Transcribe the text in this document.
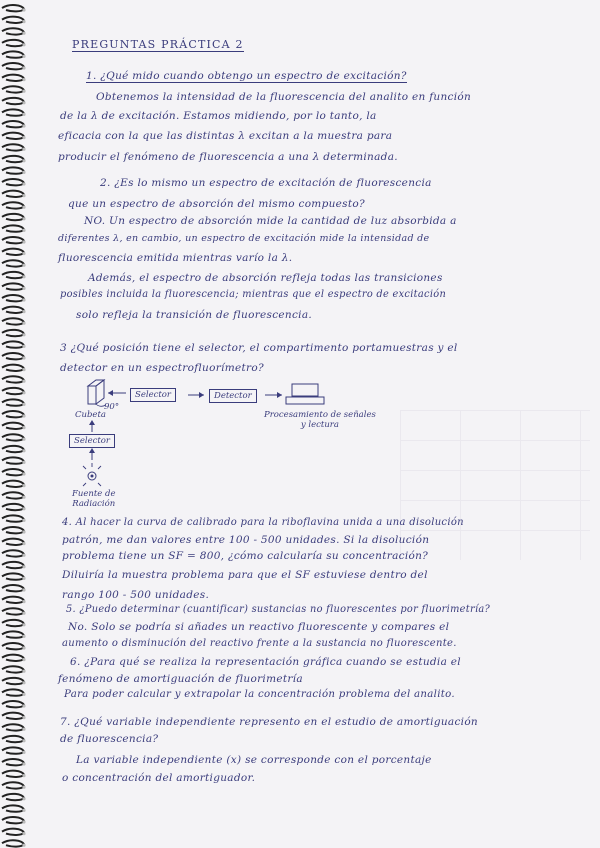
PREGUNTAS PRÁCTICA 2
1. ¿Qué mido cuando obtengo un espectro de excitación?
Obtenemos la intensidad de la fluorescencia del analito en función
de la λ de excitación. Estamos midiendo, por lo tanto, la
eficacia con la que las distintas λ excitan a la muestra para
producir el fenómeno de fluorescencia a una λ determinada.
2. ¿Es lo mismo un espectro de excitación de fluorescencia
que un espectro de absorción del mismo compuesto?
NO. Un espectro de absorción mide la cantidad de luz absorbida a
diferentes λ, en cambio, un espectro de excitación mide la intensidad de
fluorescencia emitida mientras varío la λ.
Además, el espectro de absorción refleja todas las transiciones
posibles incluida la fluorescencia; mientras que el espectro de excitación
solo refleja la transición de fluorescencia.
3 ¿Qué posición tiene el selector, el compartimento portamuestras y el
detector en un espectrofluorímetro?
Selector	Detector
90°
Cubeta
Selector
Fuente de
Radiación
Procesamiento de señales
y lectura
4. Al hacer la curva de calibrado para la riboflavina unida a una disolución
patrón, me dan valores entre 100 - 500 unidades. Si la disolución
problema tiene un SF = 800, ¿cómo calcularía su concentración?
Diluiría la muestra problema para que el SF estuviese dentro del
rango 100 - 500 unidades.
5. ¿Puedo determinar (cuantificar) sustancias no fluorescentes por fluorimetría?
No. Solo se podría si añades un reactivo fluorescente y compares el
aumento o disminución del reactivo frente a la sustancia no fluorescente.
6. ¿Para qué se realiza la representación gráfica cuando se estudia el
fenómeno de amortiguación de fluorimetría
Para poder calcular y extrapolar la concentración problema del analito.
7. ¿Qué variable independiente represento en el estudio de amortiguación
de fluorescencia?
La variable independiente (x) se corresponde con el porcentaje
o concentración del amortiguador.
